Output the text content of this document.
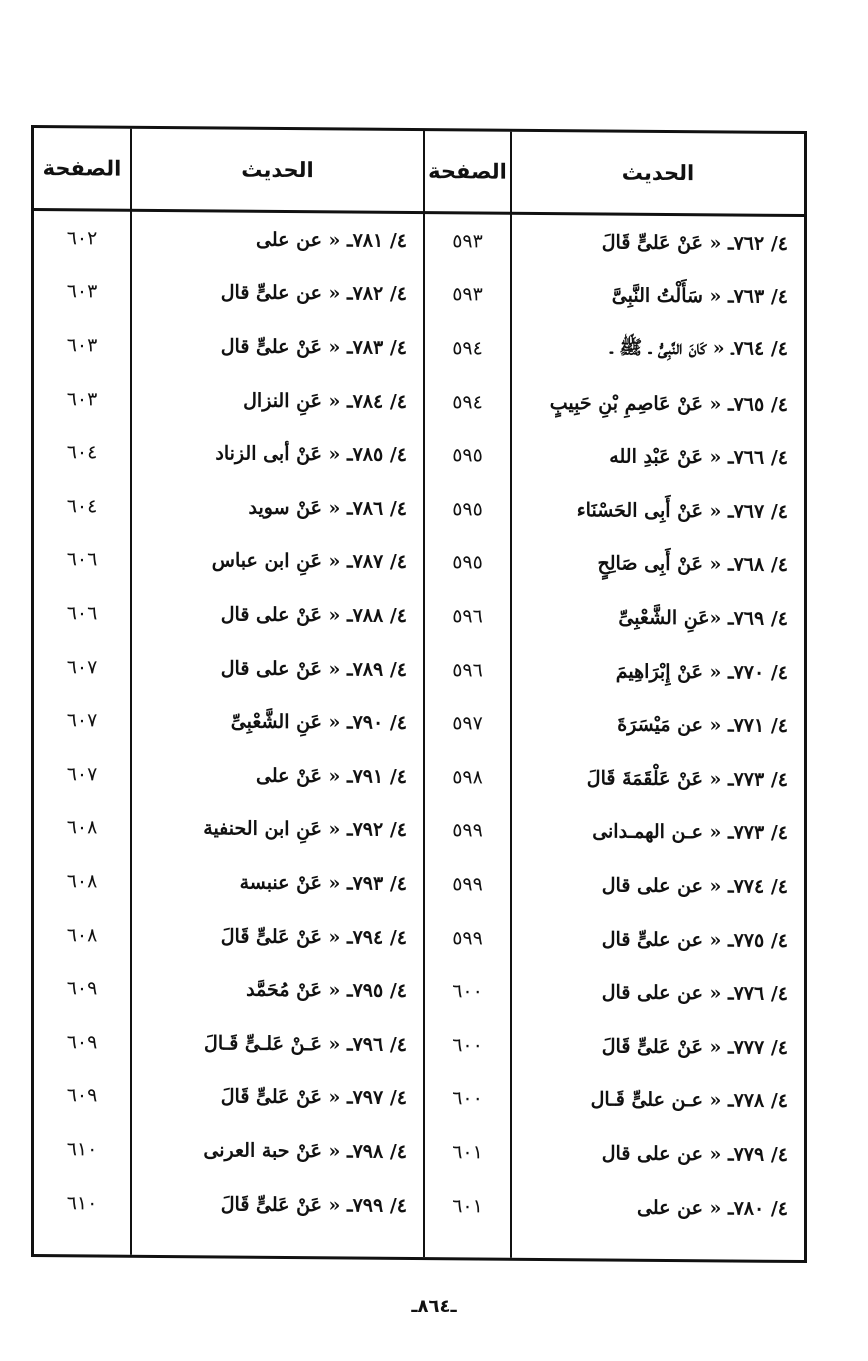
الصفحة	الحديث	الصفحة	الحديث
٦٠٢	٤/ ٧٨١ـ « عن على	٥٩٣	٤/ ٧٦٢ـ « عَنْ عَلىٍّ قَالَ
٦٠٣	٤/ ٧٨٢ـ « عن علىٍّ قال	٥٩٣	٤/ ٧٦٣ـ « سَأَلْتُ النَّبِىَّ
٦٠٣	٤/ ٧٨٣ـ « عَنْ علىٍّ قال	٥٩٤	٤/ ٧٦٤ـ « كَانَ النَّبِىُّ ـ ﷺ ـ
٦٠٣	٤/ ٧٨٤ـ « عَنِ النزال	٥٩٤	٤/ ٧٦٥ـ « عَنْ عَاصِمِ بْنِ حَبِيبٍ
٦٠٤	٤/ ٧٨٥ـ « عَنْ أبى الزناد	٥٩٥	٤/ ٧٦٦ـ « عَنْ عَبْدِ الله
٦٠٤	٤/ ٧٨٦ـ « عَنْ سويد	٥٩٥	٤/ ٧٦٧ـ « عَنْ أَبِى الحَسْنَاء
٦٠٦	٤/ ٧٨٧ـ « عَنِ ابن عباس	٥٩٥	٤/ ٧٦٨ـ « عَنْ أَبِى صَالِحٍ
٦٠٦	٤/ ٧٨٨ـ « عَنْ على قال	٥٩٦	٤/ ٧٦٩ـ «عَنِ الشَّعْبِىِّ
٦٠٧	٤/ ٧٨٩ـ « عَنْ على قال	٥٩٦	٤/ ٧٧٠ـ « عَنْ إِبْرَاهِيمَ
٦٠٧	٤/ ٧٩٠ـ « عَنِ الشَّعْبِىِّ	٥٩٧	٤/ ٧٧١ـ « عن مَيْسَرَةَ
٦٠٧	٤/ ٧٩١ـ « عَنْ على	٥٩٨	٤/ ٧٧٣ـ « عَنْ عَلْقَمَةَ قَالَ
٦٠٨	٤/ ٧٩٢ـ « عَنِ ابن الحنفية	٥٩٩	٤/ ٧٧٣ـ « عـن الهمـدانى
٦٠٨	٤/ ٧٩٣ـ « عَنْ عنبسة	٥٩٩	٤/ ٧٧٤ـ « عن على قال
٦٠٨	٤/ ٧٩٤ـ « عَنْ عَلىٍّ قَالَ	٥٩٩	٤/ ٧٧٥ـ « عن علىٍّ قال
٦٠٩	٤/ ٧٩٥ـ « عَنْ مُحَمَّد	٦٠٠	٤/ ٧٧٦ـ « عن على قال
٦٠٩	٤/ ٧٩٦ـ « عَـنْ عَلـىٍّ قَـالَ	٦٠٠	٤/ ٧٧٧ـ « عَنْ عَلىٍّ قَالَ
٦٠٩	٤/ ٧٩٧ـ « عَنْ عَلىٍّ قَالَ	٦٠٠	٤/ ٧٧٨ـ « عـن علىٍّ قَـال
٦١٠	٤/ ٧٩٨ـ « عَنْ حبة العرنى	٦٠١	٤/ ٧٧٩ـ « عن على قال
٦١٠	٤/ ٧٩٩ـ « عَنْ عَلىٍّ قَالَ	٦٠١	٤/ ٧٨٠ـ « عن على
ـ٨٦٤ـ
